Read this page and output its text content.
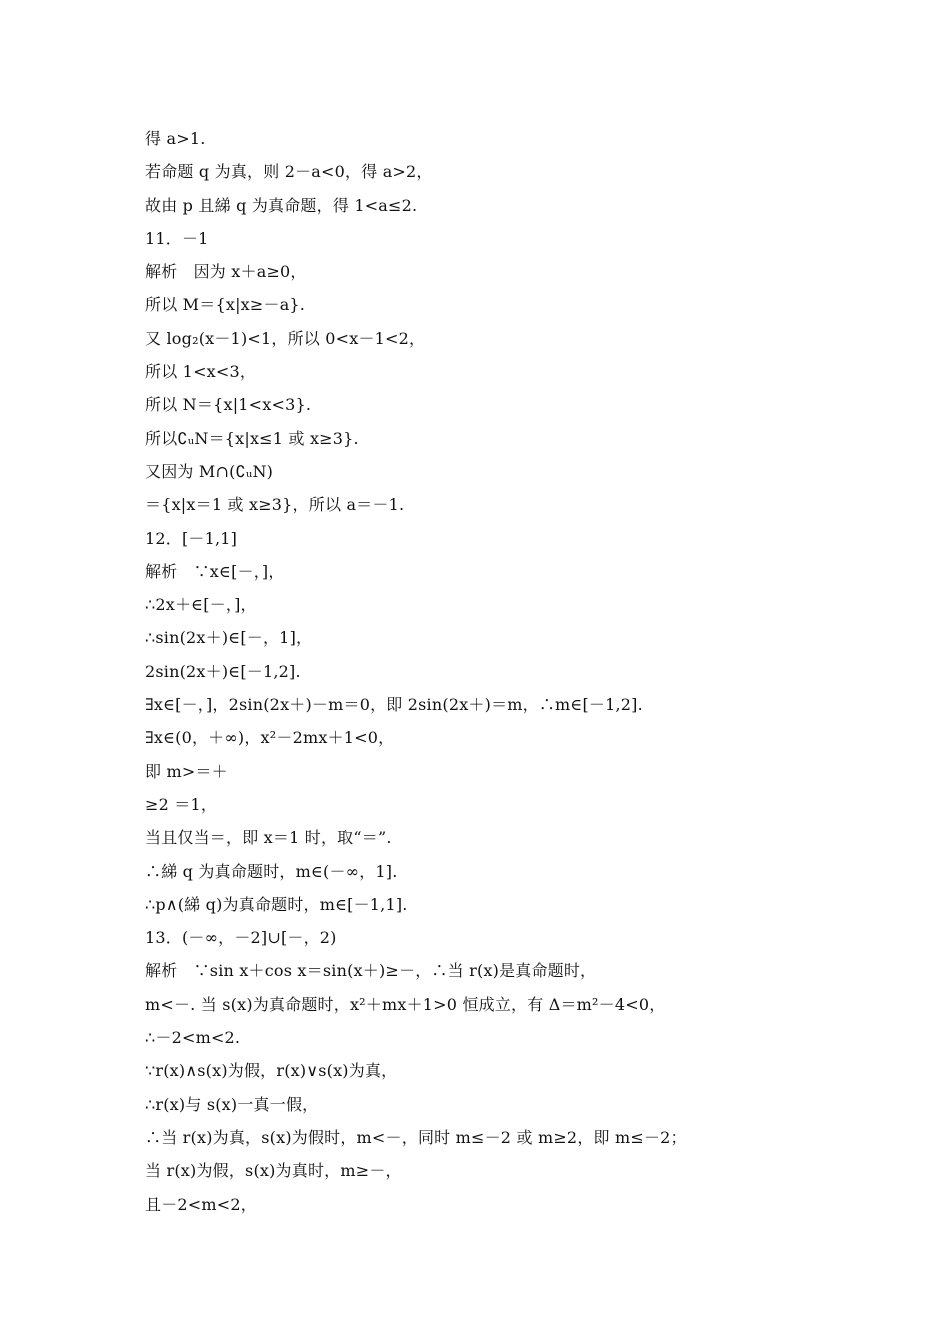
得 a>1.
若命题 q 为真，则 2－a<0，得 a>2，
故由 p 且綈 q 为真命题，得 1<a≤2.
11．－1
解析　因为 x＋a≥0，
所以 M＝{x|x≥－a}.
又 log₂(x－1)<1，所以 0<x－1<2，
所以 1<x<3，
所以 N＝{x|1<x<3}.
所以∁ᵤN＝{x|x≤1 或 x≥3}.
又因为 M∩(∁ᵤN)
＝{x|x＝1 或 x≥3}，所以 a＝－1.
12．[－1,1]
解析　∵x∈[－，]，
∴2x＋∈[－，]，
∴sin(2x＋)∈[－，1]，
2sin(2x＋)∈[－1,2].
∃x∈[－，]，2sin(2x＋)－m＝0，即 2sin(2x＋)＝m，∴m∈[－1,2].
∃x∈(0，＋∞)，x²－2mx＋1<0，
即 m>＝＋
≥2 ＝1，
当且仅当＝，即 x＝1 时，取“＝”.
∴綈 q 为真命题时，m∈(－∞，1].
∴p∧(綈 q)为真命题时，m∈[－1,1].
13．(－∞，－2]∪[－，2)
解析　∵sin x＋cos x＝sin(x＋)≥－，∴当 r(x)是真命题时，
m<－. 当 s(x)为真命题时，x²＋mx＋1>0 恒成立，有 Δ＝m²－4<0，
∴－2<m<2.
∵r(x)∧s(x)为假，r(x)∨s(x)为真，
∴r(x)与 s(x)一真一假，
∴当 r(x)为真，s(x)为假时，m<－，同时 m≤－2 或 m≥2，即 m≤－2；
当 r(x)为假，s(x)为真时，m≥－，
且－2<m<2，
